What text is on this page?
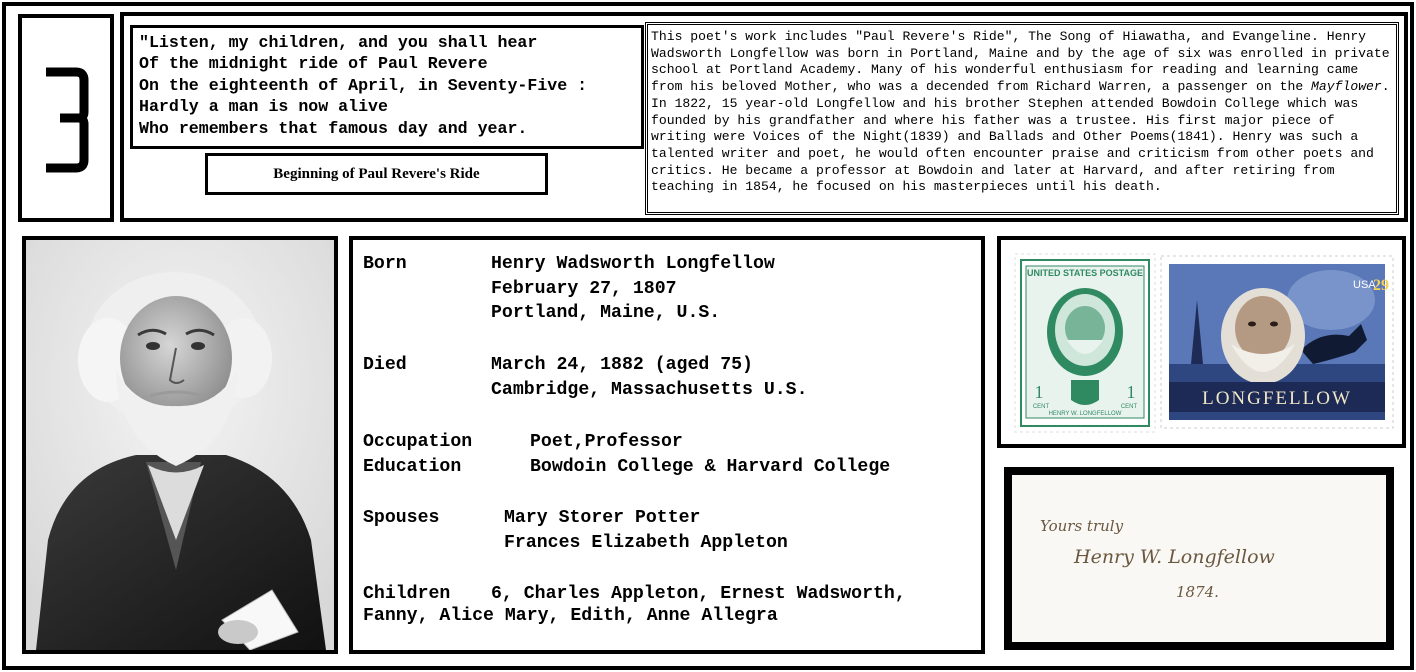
3
"Listen, my children, and you shall hear
Of the midnight ride of Paul Revere
On the eighteenth of April, in Seventy-Five :
Hardly a man is now alive
Who remembers that famous day and year.
Beginning of Paul Revere's Ride

This poet's work includes "Paul Revere's Ride", The Song of Hiawatha, and Evangeline. Henry Wadsworth Longfellow was born in Portland, Maine and by the age of six was enrolled in private school at Portland Academy. Many of his wonderful enthusiasm for reading and learning came from his beloved Mother, who was a decended from Richard Warren, a passenger on the Mayflower. In 1822, 15 year-old Longfellow and his brother Stephen attended Bowdoin College which was founded by his grandfather and where his father was a trustee. His first major piece of writing were Voices of the Night(1839) and Ballads and Other Poems(1841). Henry was such a talented writer and poet, he would often encounter praise and criticism from other poets and critics. He became a professor at Bowdoin and later at Harvard, and after retiring from teaching in 1854, he focused on his masterpieces until his death.

Born	Henry Wadsworth Longfellow
February 27, 1807
Portland, Maine, U.S.
Died	March 24, 1882 (aged 75)
Cambridge, Massachusetts U.S.
Occupation	Poet,Professor
Education	Bowdoin College & Harvard College
Spouses	Mary Storer Potter
Frances Elizabeth Appleton
Children 6, Charles Appleton, Ernest Wadsworth,
Fanny, Alice Mary, Edith, Anne Allegra
UNITED STATES POSTAGE
1	1
CENT	CENT
HENRY W. LONGFELLOW
USA
29
LONGFELLOW
Yours truly
Henry W. Longfellow
1874.
